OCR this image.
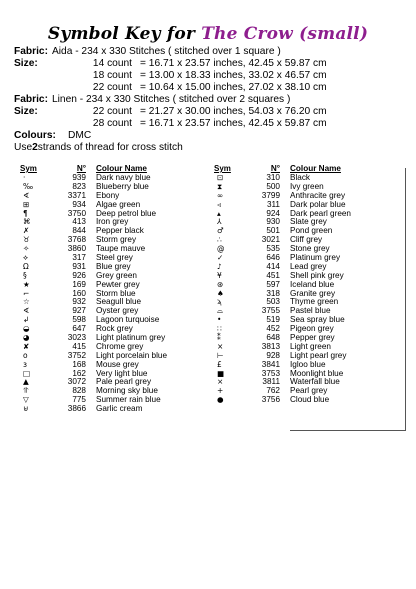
Symbol Key for The Crow (small)
Fabric: Aida - 234 x 330 Stitches ( stitched over 1 square )
Size:	14 count = 16.71 x 23.57 inches, 42.45 x 59.87 cm
18 count = 13.00 x 18.33 inches, 33.02 x 46.57 cm
22 count = 10.64 x 15.00 inches, 27.02 x 38.10 cm
Fabric: Linen - 234 x 330 Stitches ( stitched over 2 squares )
Size:	22 count = 21.27 x 30.00 inches, 54.03 x 76.20 cm
28 count = 16.71 x 23.57 inches, 42.45 x 59.87 cm
Colours:	DMC
Use 2 strands of thread for cross stitch
Sym	N°	Colour Name
·	939	Dark navy blue
‰	823	Blueberry blue
∢	3371	Ebony
⊞	934	Algae green
¶	3750	Deep petrol blue
⌘	413	Iron grey
✗	844	Pepper black
♉	3768	Storm grey
✧	3860	Taupe mauve
⟡	317	Steel grey
Ω	931	Blue grey
§	926	Grey green
★	169	Pewter grey
⌐	160	Storm blue
☆	932	Seagull blue
∢	927	Oyster grey
↲	598	Lagoon turquoise
◒	647	Rock grey
◕	3023	Light platinum grey
✘	415	Chrome grey
o	3752	Light porcelain blue
ɜ	168	Mouse grey
□	162	Very light blue
▲	3072	Pale pearl grey
⥣	828	Morning sky blue
▽	775	Summer rain blue
⊎	3866	Garlic cream
Sym	N°	Colour Name
⊡	310	Black
⧗	500	Ivy green
∞	3799	Anthracite grey
◃	311	Dark polar blue
▴	924	Dark pearl green
⅄	930	Slate grey
♂	501	Pond green
∴	3021	Cliff grey
@	535	Stone grey
✓	646	Platinum grey
♪	414	Lead grey
¥	451	Shell pink grey
⊛	597	Iceland blue
♠	318	Granite grey
ϡ	503	Thyme green
⌓	3755	Pastel blue
•	519	Sea spray blue
∷	452	Pigeon grey
⁑	648	Pepper grey
×	3813	Light green
⊢	928	Light pearl grey
£	3841	Igloo blue
■	3753	Moonlight blue
⨯	3811	Waterfall blue
+	762	Pearl grey
●	3756	Cloud blue
